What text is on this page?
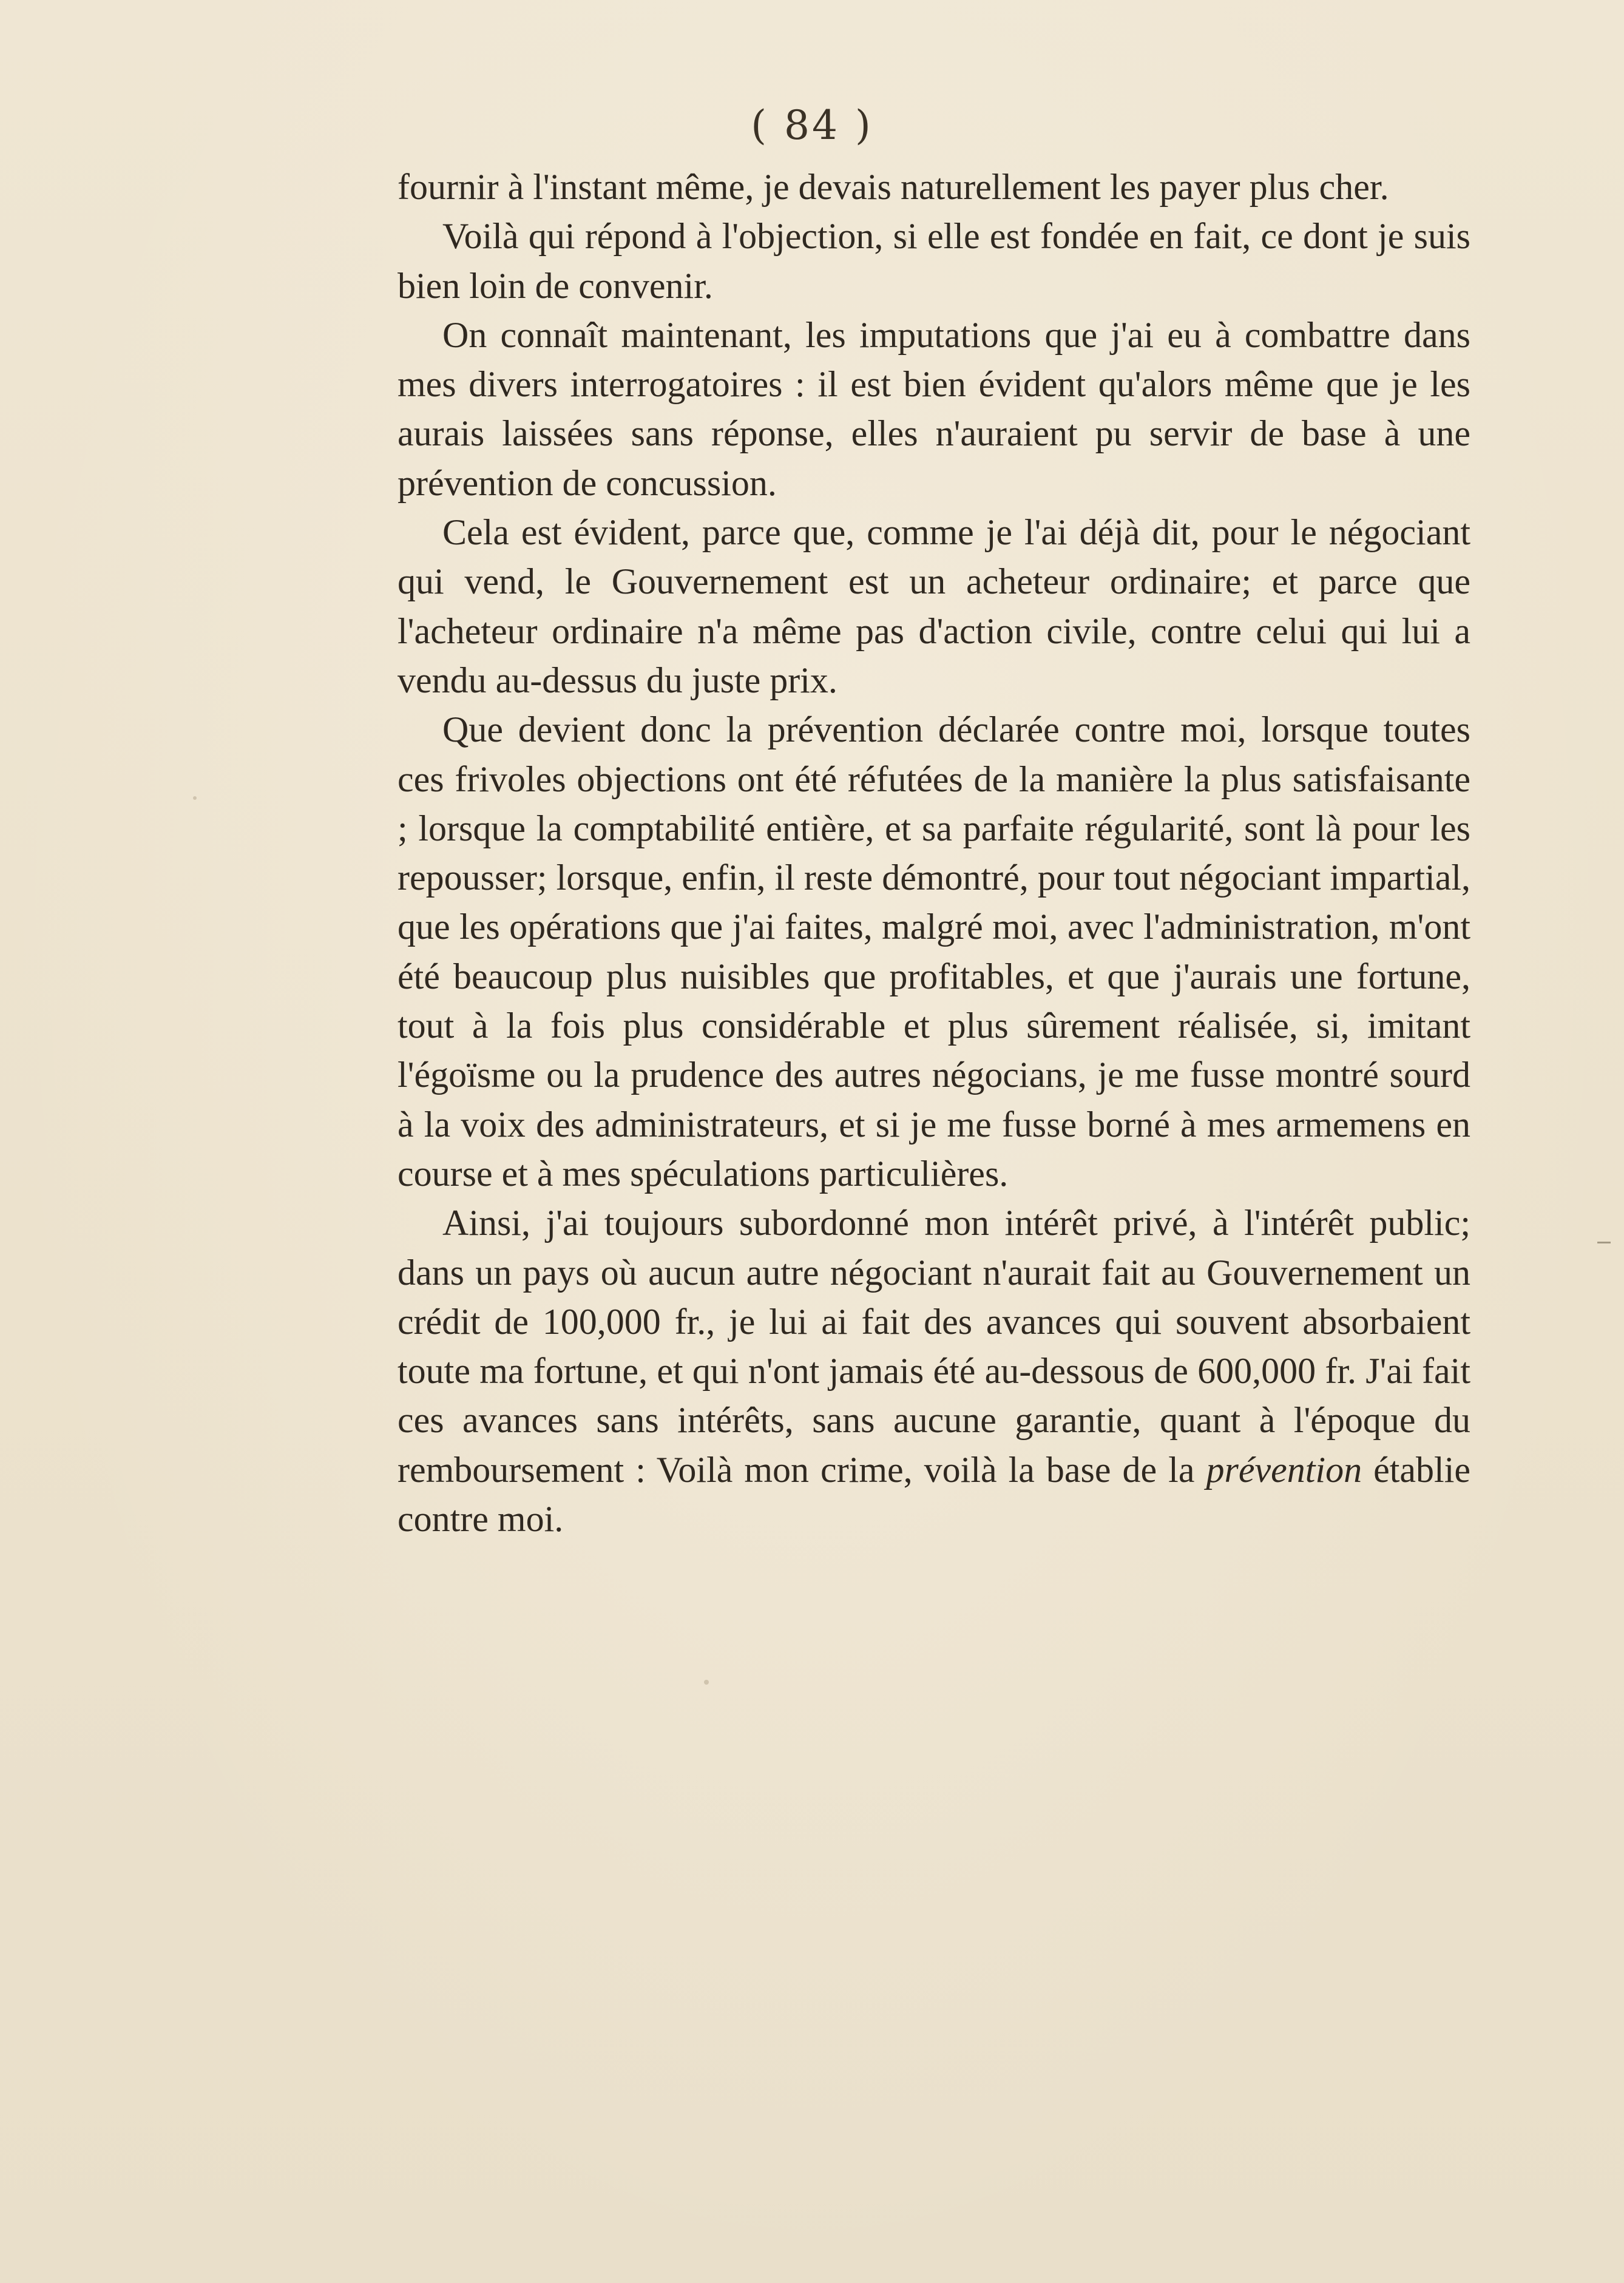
( 84 )

fournir à l'instant même, je devais naturellement les payer plus cher.

Voilà qui répond à l'objection, si elle est fondée en fait, ce dont je suis bien loin de convenir.

On connaît maintenant, les imputations que j'ai eu à combattre dans mes divers interrogatoires : il est bien évident qu'alors même que je les aurais laissées sans réponse, elles n'auraient pu servir de base à une prévention de concussion.

Cela est évident, parce que, comme je l'ai déjà dit, pour le négociant qui vend, le Gouvernement est un acheteur ordinaire; et parce que l'acheteur ordinaire n'a même pas d'action civile, contre celui qui lui a vendu au-dessus du juste prix.

Que devient donc la prévention déclarée contre moi, lorsque toutes ces frivoles objections ont été réfutées de la manière la plus satisfaisante ; lorsque la comptabilité entière, et sa parfaite régularité, sont là pour les repousser; lorsque, enfin, il reste démontré, pour tout négociant impartial, que les opérations que j'ai faites, malgré moi, avec l'administration, m'ont été beaucoup plus nuisibles que profitables, et que j'aurais une fortune, tout à la fois plus considérable et plus sûrement réalisée, si, imitant l'égoïsme ou la prudence des autres négocians, je me fusse montré sourd à la voix des administrateurs, et si je me fusse borné à mes armemens en course et à mes spéculations particulières.

Ainsi, j'ai toujours subordonné mon intérêt privé, à l'intérêt public; dans un pays où aucun autre négociant n'aurait fait au Gouvernement un crédit de 100,000 fr., je lui ai fait des avances qui souvent absorbaient toute ma fortune, et qui n'ont jamais été au-dessous de 600,000 fr. J'ai fait ces avances sans intérêts, sans aucune garantie, quant à l'époque du remboursement : Voilà mon crime, voilà la base de la prévention établie contre moi.
